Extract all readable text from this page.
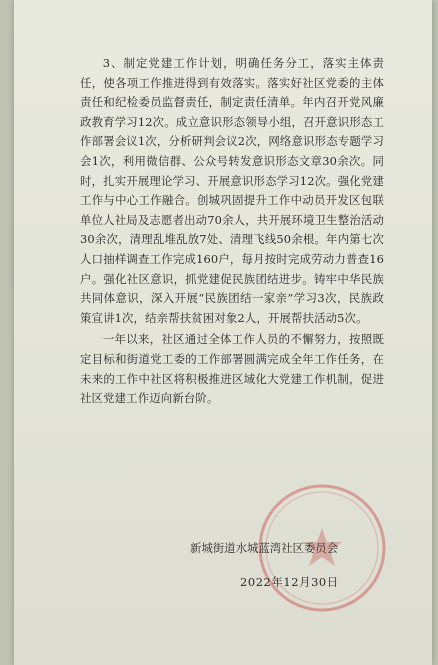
3、制定党建工作计划，明确任务分工，落实主体责任，使各项工作推进得到有效落实。落实好社区党委的主体责任和纪检委员监督责任，制定责任清单。年内召开党风廉政教育学习12次。成立意识形态领导小组，召开意识形态工作部署会议1次，分析研判会议2次，网络意识形态专题学习会1次，利用微信群、公众号转发意识形态文章30余次。同时，扎实开展理论学习、开展意识形态学习12次。强化党建工作与中心工作融合。创城巩固提升工作中动员开发区包联单位人社局及志愿者出动70余人，共开展环境卫生整治活动30余次，清理乱堆乱放7处、清理飞线50余根。年内第七次人口抽样调查工作完成160户，每月按时完成劳动力普查16户。强化社区意识，抓党建促民族团结进步。铸牢中华民族共同体意识，深入开展“民族团结一家亲”学习3次，民族政策宣讲1次，结亲帮扶贫困对象2人，开展帮扶活动5次。

一年以来，社区通过全体工作人员的不懈努力，按照既定目标和街道党工委的工作部署圆满完成全年工作任务，在未来的工作中社区将积极推进区域化大党建工作机制，促进社区党建工作迈向新台阶。

新城街道水城蓝湾社区委员会
2022年12月30日
